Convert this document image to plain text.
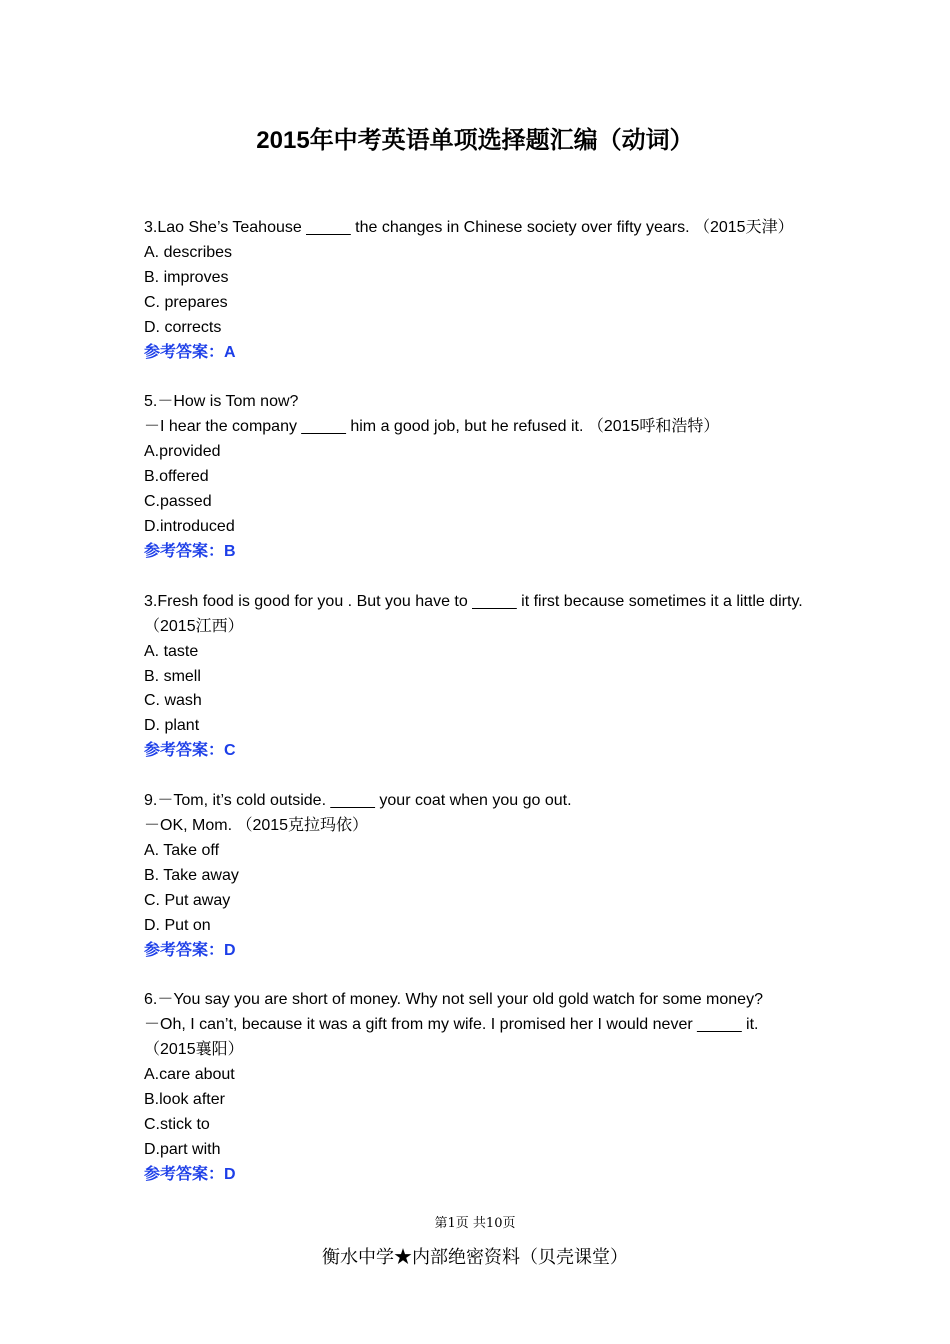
2015年中考英语单项选择题汇编（动词）
3.Lao She’s Teahouse _____ the changes in Chinese society over fifty years. （2015天津）
A. describes
B. improves
C. prepares
D. corrects
参考答案：A
5.－How is Tom now?
－I hear the company _____ him a good job, but he refused it. （2015呼和浩特）
A.provided
B.offered
C.passed
D.introduced
参考答案：B
3.Fresh food is good for you . But you have to _____ it first because sometimes it a little dirty. （2015江西）
A. taste
B. smell
C. wash
D. plant
参考答案：C
9.－Tom, it’s cold outside. _____ your coat when you go out.
－OK, Mom. （2015克拉玛依）
A. Take off
B. Take away
C. Put away
D. Put on
参考答案：D
6.－You say you are short of money. Why not sell your old gold watch for some money?
－Oh, I can’t, because it was a gift from my wife. I promised her I would never _____ it. （2015襄阳）
A.care about
B.look after
C.stick to
D.part with
参考答案：D
第1页 共10页
衡水中学★内部绝密资料（贝壳课堂）
